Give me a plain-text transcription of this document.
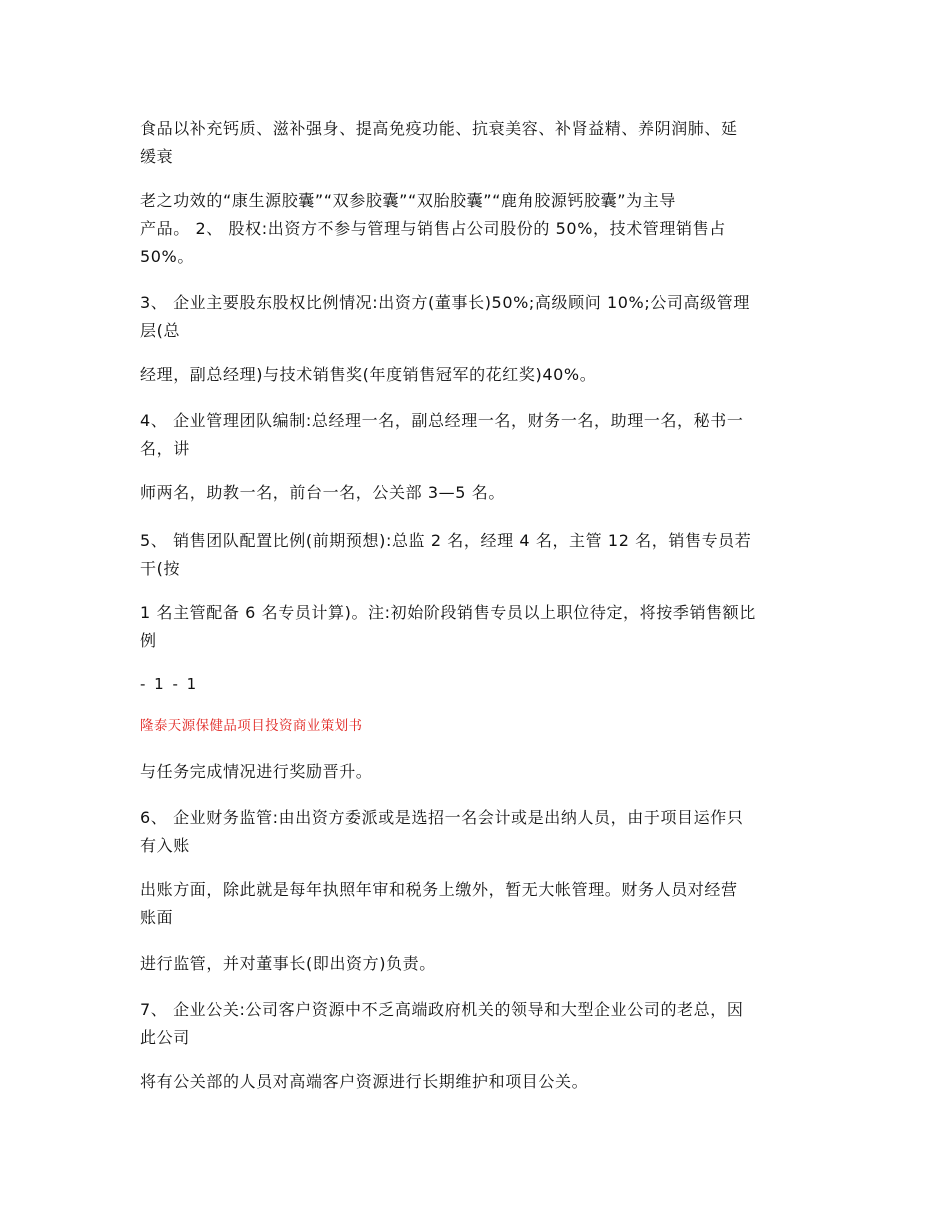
食品以补充钙质、滋补强身、提高免疫功能、抗衰美容、补肾益精、养阴润肺、延
缓衰

老之功效的“康生源胶囊”“双参胶囊”“双胎胶囊”“鹿角胶源钙胶囊”为主导
产品。 2、 股权:出资方不参与管理与销售占公司股份的 50%，技术管理销售占
50%。

3、 企业主要股东股权比例情况:出资方(董事长)50%;高级顾问 10%;公司高级管理
层(总

经理，副总经理)与技术销售奖(年度销售冠军的花红奖)40%。

4、 企业管理团队编制:总经理一名，副总经理一名，财务一名，助理一名，秘书一
名，讲

师两名，助教一名，前台一名，公关部 3—5 名。

5、 销售团队配置比例(前期预想):总监 2 名，经理 4 名，主管 12 名，销售专员若
干(按

1 名主管配备 6 名专员计算)。注:初始阶段销售专员以上职位待定，将按季销售额比
例

- 1 - 1
隆泰天源保健品项目投资商业策划书

与任务完成情况进行奖励晋升。

6、 企业财务监管:由出资方委派或是选招一名会计或是出纳人员，由于项目运作只
有入账

出账方面，除此就是每年执照年审和税务上缴外，暂无大帐管理。财务人员对经营
账面

进行监管，并对董事长(即出资方)负责。

7、 企业公关:公司客户资源中不乏高端政府机关的领导和大型企业公司的老总，因
此公司

将有公关部的人员对高端客户资源进行长期维护和项目公关。
